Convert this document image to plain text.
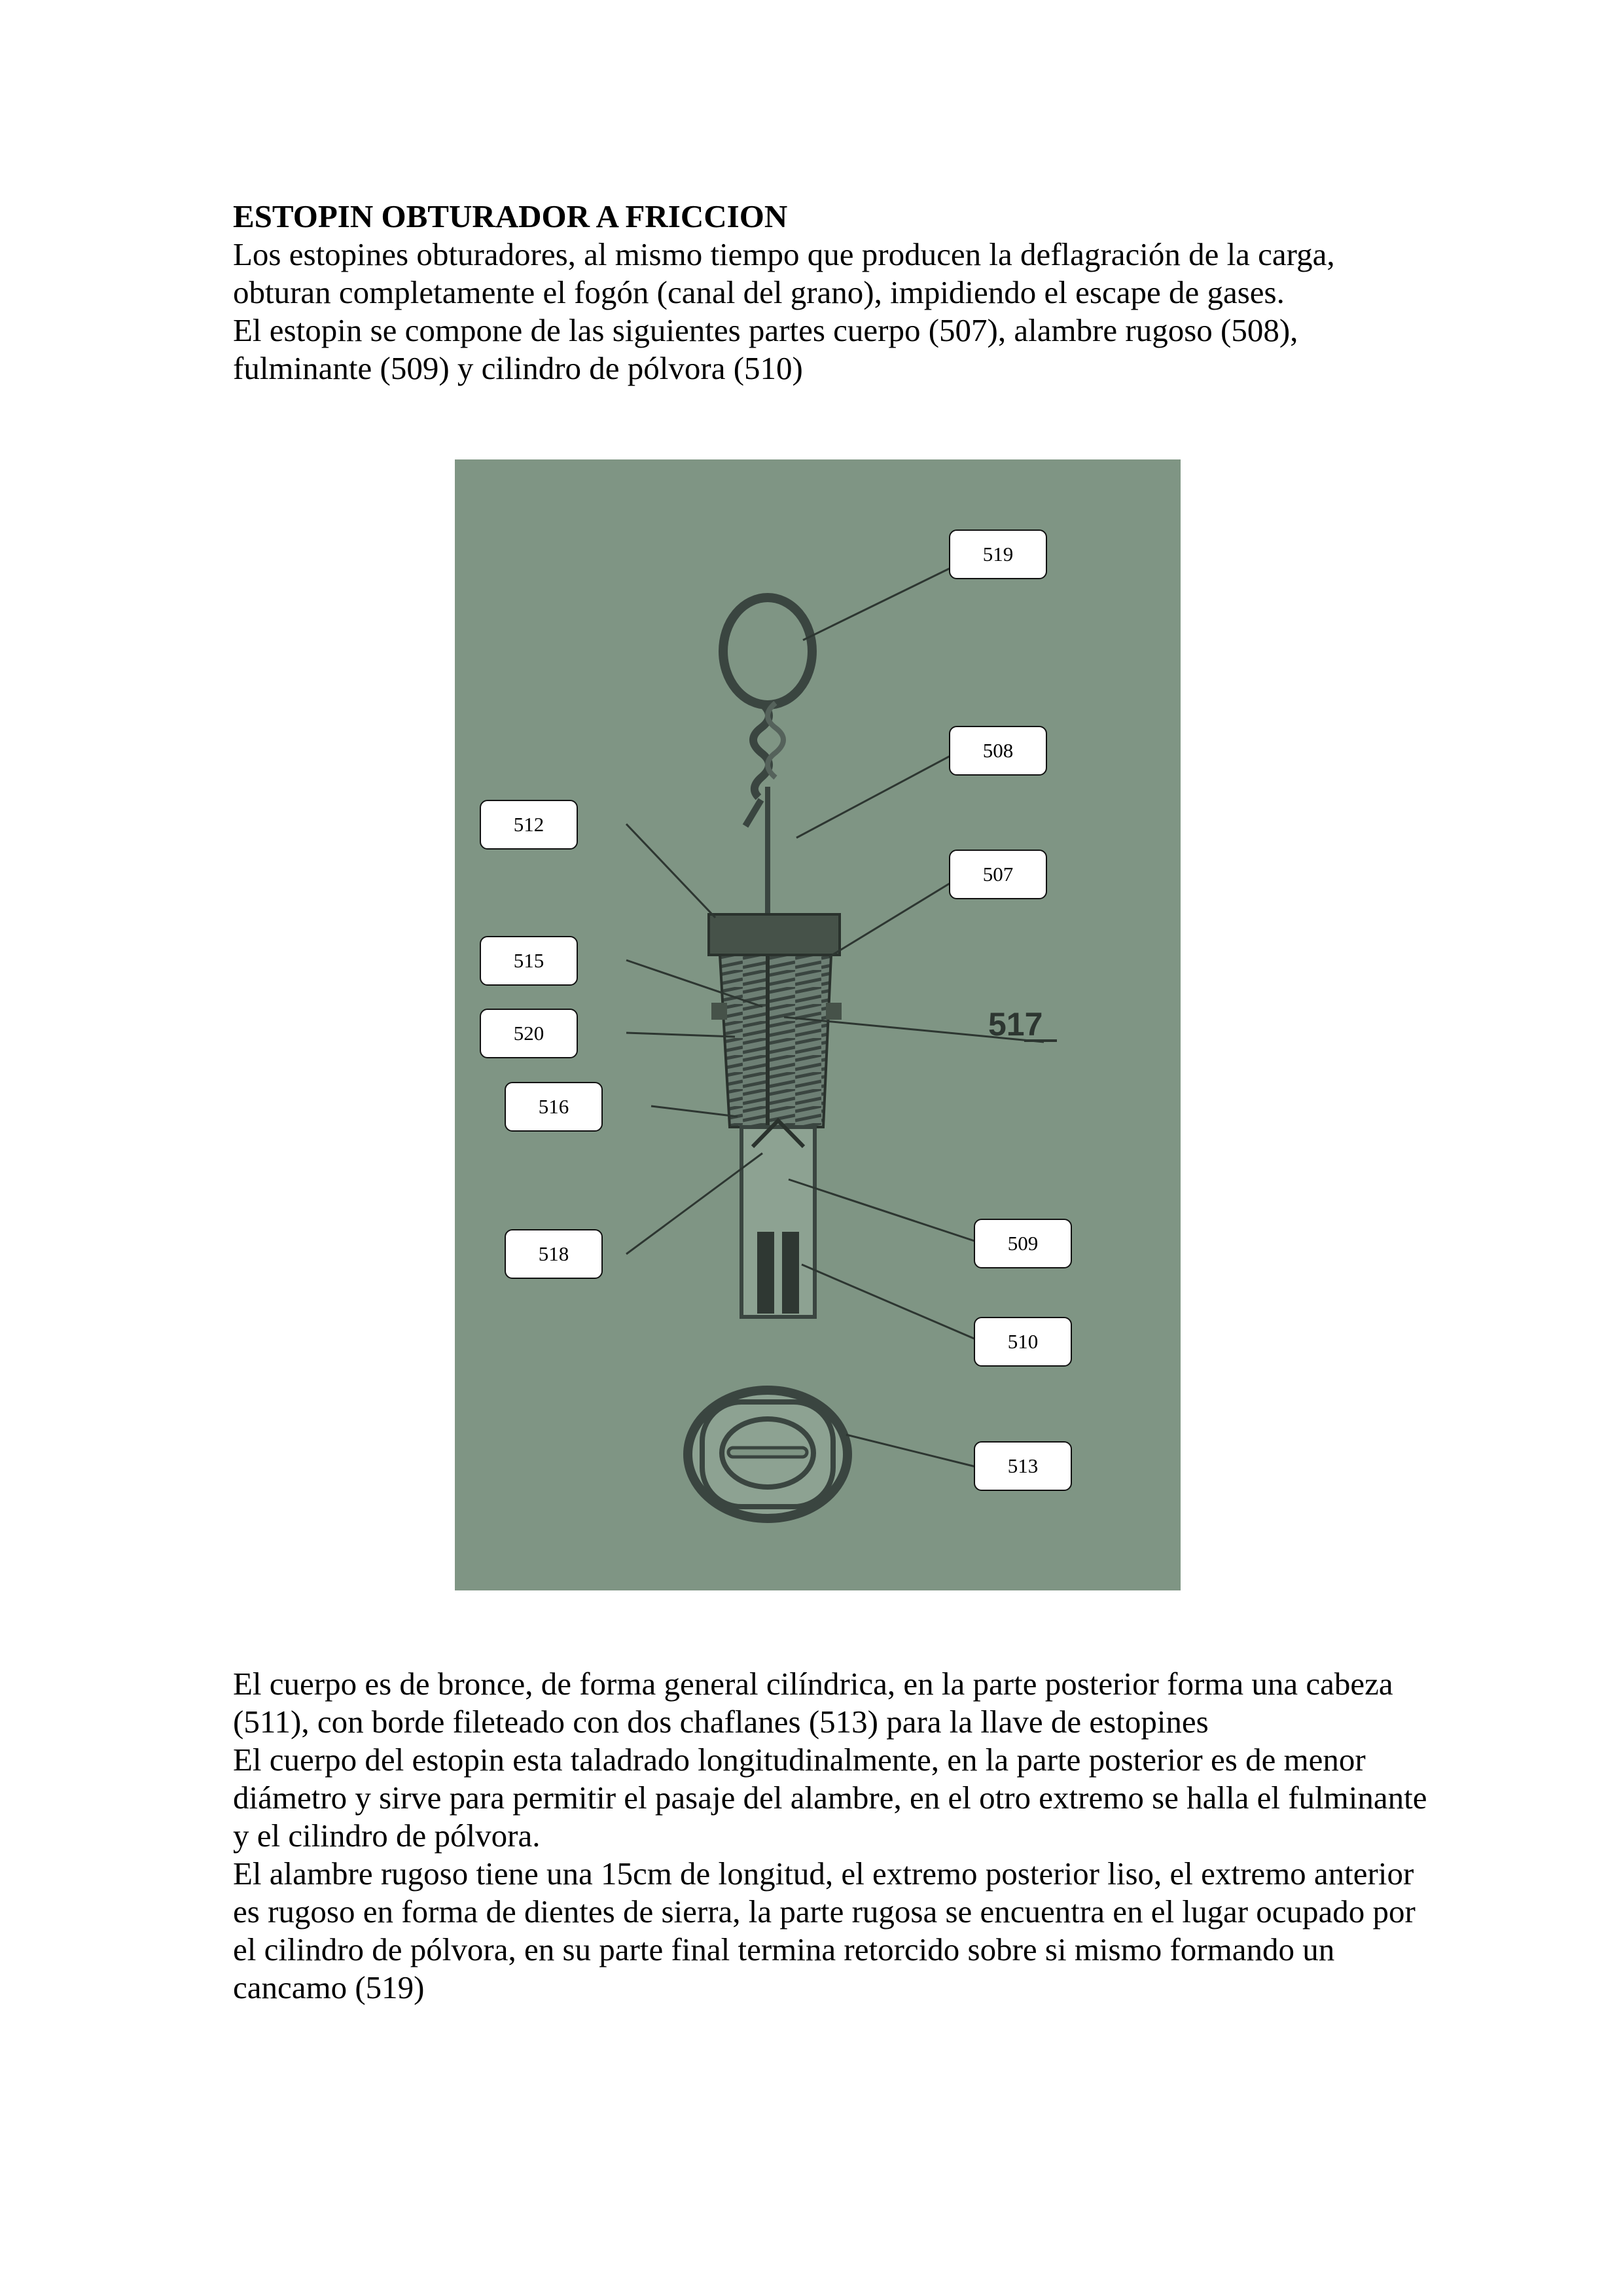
ESTOPIN OBTURADOR A FRICCION

Los estopines obturadores, al mismo tiempo que producen la deflagración de la carga, obturan completamente el fogón (canal del grano), impidiendo el escape de gases.

El estopin se compone de las siguientes partes cuerpo (507), alambre rugoso (508), fulminante (509) y cilindro de pólvora (510)

517
519
508
512
507
515
520
516
518	509
510
513

El cuerpo es de bronce, de forma general cilíndrica, en la parte posterior forma una cabeza (511), con borde fileteado con dos chaflanes (513) para la llave de estopines

El cuerpo del estopin esta taladrado longitudinalmente, en la parte posterior es de menor diámetro y sirve para permitir el pasaje del alambre, en el otro extremo se halla el fulminante y el cilindro de pólvora.

El alambre rugoso tiene una 15cm de longitud, el extremo posterior liso, el extremo anterior es rugoso en forma de dientes de sierra, la parte rugosa se encuentra en el lugar ocupado por el cilindro de pólvora, en su parte final termina retorcido sobre si mismo formando un cancamo (519)
